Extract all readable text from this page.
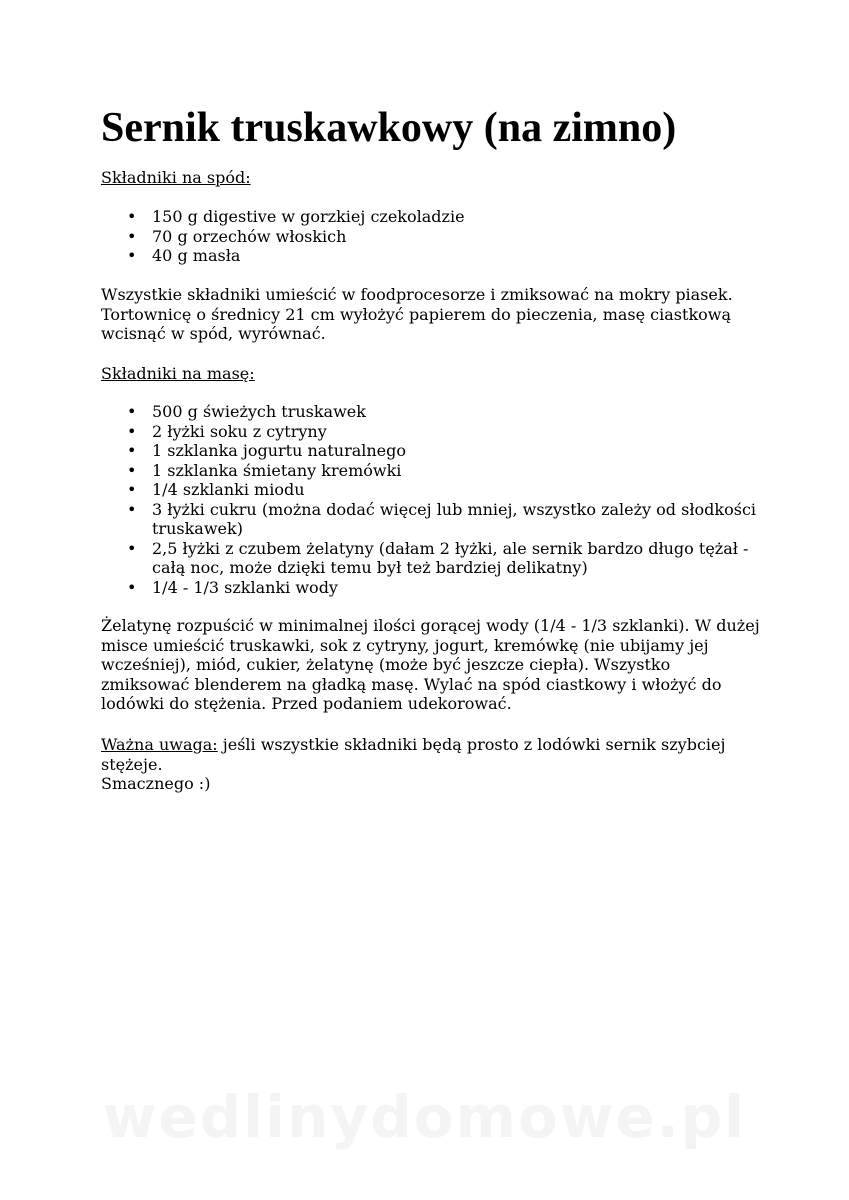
Sernik truskawkowy (na zimno)
Składniki na spód:
• 150 g digestive w gorzkiej czekoladzie
• 70 g orzechów włoskich
• 40 g masła

Wszystkie składniki umieścić w foodprocesorze i zmiksować na mokry piasek. Tortownicę o średnicy 21 cm wyłożyć papierem do pieczenia, masę ciastkową wcisnąć w spód, wyrównać.

Składniki na masę:
• 500 g świeżych truskawek
• 2 łyżki soku z cytryny
• 1 szklanka jogurtu naturalnego
• 1 szklanka śmietany kremówki
• 1/4 szklanki miodu
• 3 łyżki cukru (można dodać więcej lub mniej, wszystko zależy od słodkości truskawek)
• 2,5 łyżki z czubem żelatyny (dałam 2 łyżki, ale sernik bardzo długo tężał - całą noc, może dzięki temu był też bardziej delikatny)
• 1/4 - 1/3 szklanki wody

Żelatynę rozpuścić w minimalnej ilości gorącej wody (1/4 - 1/3 szklanki). W dużej misce umieścić truskawki, sok z cytryny, jogurt, kremówkę (nie ubijamy jej wcześniej), miód, cukier, żelatynę (może być jeszcze ciepła). Wszystko zmiksować blenderem na gładką masę. Wylać na spód ciastkowy i włożyć do lodówki do stężenia. Przed podaniem udekorować.

Ważna uwaga: jeśli wszystkie składniki będą prosto z lodówki sernik szybciej stężeje.

Smacznego :)

wedlinydomowe.pl
